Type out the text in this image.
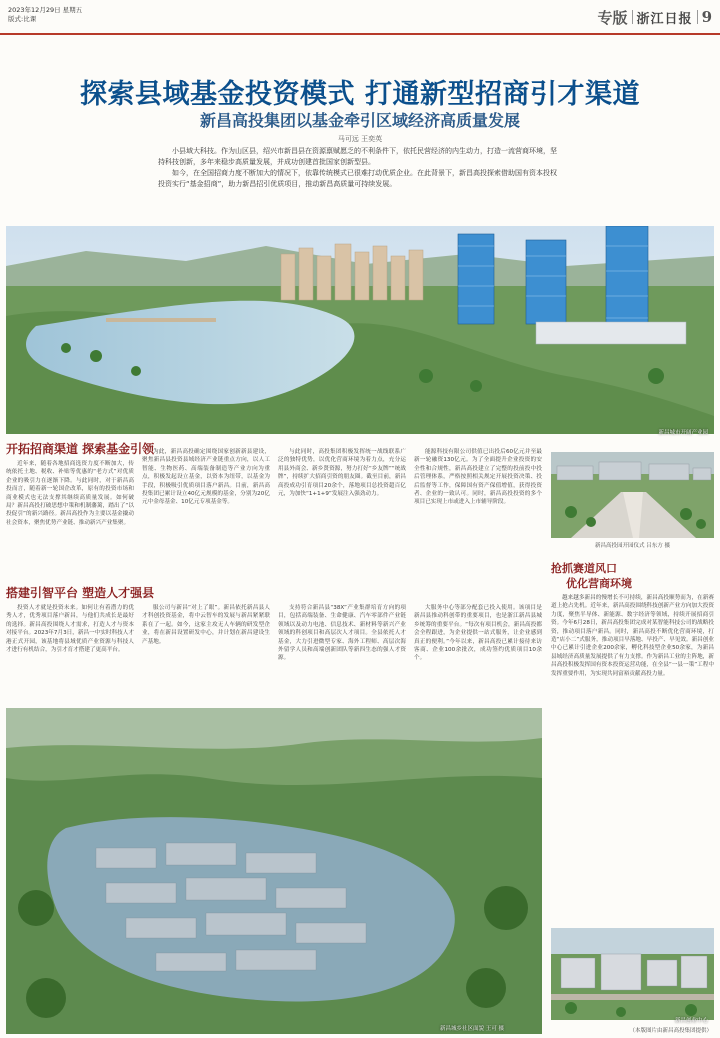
2023年12月29日 星期五
版式:比课	专版 浙江日报 9
探索县域基金投资模式 打通新型招商引才渠道
新昌高投集团以基金牵引区域经济高质量发展
马可远 王奕英

小县域大科技。作为山区县，绍兴市新昌县在资源禀赋愿乏的不利条件下，依托民营经济的内生动力，打造一流营商环境，坚持科技创新，多年来稳步高质量发展，并成功创建首批国家创新型县。

如今，在全国招商力度不断加大的情况下，依靠传统模式已很难打动优质企业。在此背景下，新昌高投探索借助国有资本投权投资实行“基金招商”，助力新昌招引优质项目，推动新昌高质量可持续发展。

新昌城市开阔产业园
开拓招商渠道 探索基金引领

近年来，随着各地招商选资力度不断加大，传统依托土地、税收、补贴等优惠的“老方式”对优质企业的吸引力在逐渐下降。与此同时，对于新昌高投而言，随着新一轮国企改革，原有的投资市场和商业模式也无法支撑其继续高质量发展。如何破局？新昌高投打破思想中策和机制藩篱，踏出了“以投促引”的新兴路径。新昌高投作为主要以基金撬动社会资本，聚焦优势产业链、推动新兴产业集聚。

为此，新昌高投确定围绕国家创新新县建设，聚焦新昌县投资县域经济产业链重点方向，以人工智能、生物医药、高端装备制造等产业方向为重点，积极发起设立基金，以资本为纽带，以基金为手段，积极吸引优质项目落户新昌。目前，新昌高投集团已累计设立40亿元规模的基金，分别为20亿元中金母基金、10亿元专项基金等。

与此同时，高投集团积极发挥统一战线联系广泛的独特优势，以优化营商环境为着力点，充分运用县外商会、新乡贤资源，努力打好“乡友牌”“统战牌”，持续扩大招商引资的朋友圈。截至目前，新昌高投成功引育项目20余个，落地项目总投资超百亿元，为加快“1+1+9”发展注入强劲动力。

能源科技有限公司供值已出投后60亿元并至最新一轮融资130亿元。为了全面提升企业投资的安全性和合规性，新昌高投建立了完整的投前投中投后管理体系，严格按照相关规定开展投资决策、投后监督等工作，保障国有资产保值增值，获得投资者、企业的一致认可。同时，新昌高投投资的多个项目已实现上市或进入上市辅导阶段。

新昌高投园开园仪式 吕东方 摄
搭建引智平台 塑造人才强县

投资人才就是投资未来。如何让有着潜力的优秀人才，优秀项目落户新昌，与他们共成长是最好的选择。新昌高投围绕人才需求，打造人才与资本对接平台。2023年7月3日，新昌一中实时科技人才港正式开园，该基地将县域优质产业资源与科技人才进行有机结合，为引才育才搭建了更高平台。

服公司与新昌“对上了眼”。新昌依托新昌县人才科创投资基金，将中云智车的发展与新昌紧紧联系在了一起。如今，这家主攻无人车辆的研发型企业，将在新昌设置研发中心，并计划在新昌建设生产基地。

支持符合新昌县“38X”产业集群培育方向的项目，包括高端装备、生命健康、汽车零部件产业链领域以及动力电池、信息技术、新材料等新兴产业领域的科创项目和高层次人才项目。全县依托人才基金，大力引进微型专家、海外工程师、高层次海外留学人员和高端创新团队等新四生态的强人才资源。

大服务中心等部分配套已投入使用。该项目是新昌县推动科创带的重要项目，也是浙江新昌县城乡统筹的重要平台。“每次有项目机会，新昌高投都会全程跟进，为企业提供一站式服务，让企业感到真正的便利。”今年以来，新昌高投已累计接待来访客商、企业100余批次，成功签约优质项目10余个。

抢抓赛道风口
优化营商环境

越来越多新昌的慢增长不可持续，新昌高投顺势而为，在新赛道上抢占先机。近年来，新昌高投围绕科技创新产业方向加大投资力度，聚焦半导体、新能源、数字经济等领域，持续开展招商引资。今年6月28日，新昌高投集团完成对某智能科技公司的战略投资，推动项目落户新昌。同时，新昌高投不断优化营商环境，打造“店小二”式服务，推动项目早落地、早投产、早见效。新昌创业中心已累计引进企业200余家，孵化科技型企业50余家，为新昌县域经济高质量发展提供了有力支撑。作为新昌工业的主阵地，新昌高投积极发挥国有资本投资运营功能，在全县“一县一策”工程中发挥重要作用，为实现共同富裕贡献高投力量。

新昌城乡社区面貌 王可 摄
新昌创业中心
（本版图片由新昌高投集团提供）
